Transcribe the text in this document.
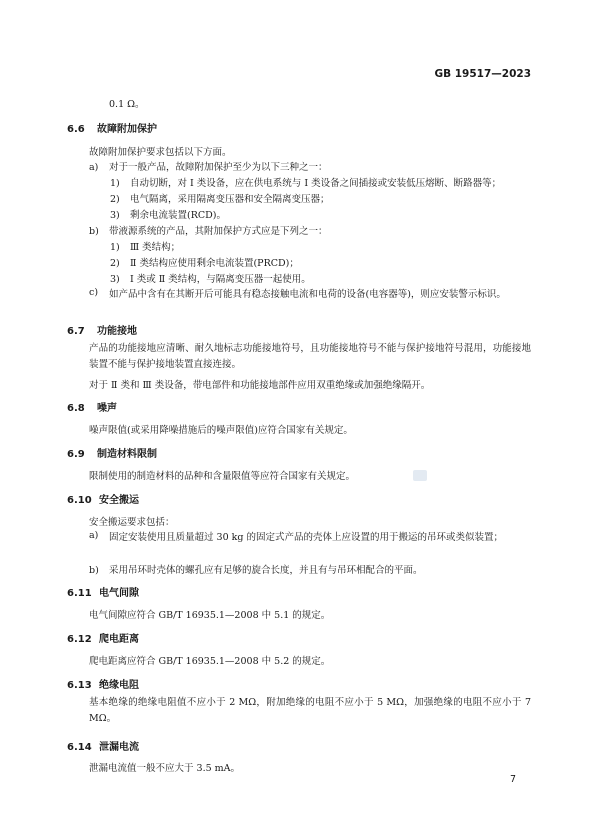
GB 19517—2023
0.1 Ω。
6.6 故障附加保护
故障附加保护要求包括以下方面。
a) 对于一般产品，故障附加保护至少为以下三种之一：
1) 自动切断，对 Ⅰ 类设备，应在供电系统与 Ⅰ 类设备之间插接或安装低压熔断、断路器等；
2) 电气隔离，采用隔离变压器和安全隔离变压器；
3) 剩余电流装置(RCD)。
b) 带液源系统的产品，其附加保护方式应是下列之一：
1) Ⅲ 类结构；
2) Ⅱ 类结构应使用剩余电流装置(PRCD)；
3) Ⅰ 类或 Ⅱ 类结构，与隔离变压器一起使用。
c) 如产品中含有在其断开后可能具有稳态接触电流和电荷的设备(电容器等)，则应安装警示标识。
6.7 功能接地
产品的功能接地应清晰、耐久地标志功能接地符号，且功能接地符号不能与保护接地符号混用，功能接地装置不能与保护接地装置直接连接。
对于 Ⅱ 类和 Ⅲ 类设备，带电部件和功能接地部件应用双重绝缘或加强绝缘隔开。
6.8 噪声
噪声限值(或采用降噪措施后的噪声限值)应符合国家有关规定。
6.9 制造材料限制
限制使用的制造材料的品种和含量限值等应符合国家有关规定。
6.10 安全搬运
安全搬运要求包括：
a) 固定安装使用且质量超过 30 kg 的固定式产品的壳体上应设置的用于搬运的吊环或类似装置；
b) 采用吊环时壳体的螺孔应有足够的旋合长度，并且有与吊环相配合的平面。
6.11 电气间隙
电气间隙应符合 GB/T 16935.1—2008 中 5.1 的规定。
6.12 爬电距离
爬电距离应符合 GB/T 16935.1—2008 中 5.2 的规定。
6.13 绝缘电阻
基本绝缘的绝缘电阻值不应小于 2 MΩ，附加绝缘的电阻不应小于 5 MΩ，加强绝缘的电阻不应小于 7 MΩ。
6.14 泄漏电流
泄漏电流值一般不应大于 3.5 mA。
7
